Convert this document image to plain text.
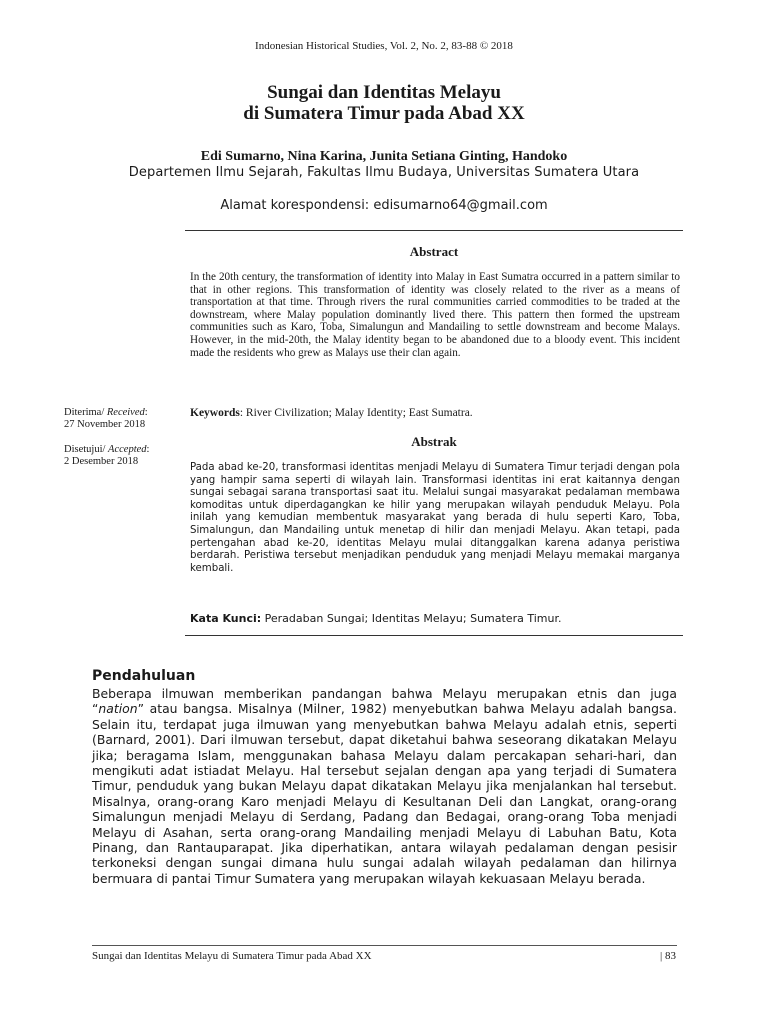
Indonesian Historical Studies, Vol. 2, No. 2, 83-88 © 2018
Sungai dan Identitas Melayu
di Sumatera Timur pada Abad XX
Edi Sumarno, Nina Karina, Junita Setiana Ginting, Handoko
Departemen Ilmu Sejarah, Fakultas Ilmu Budaya, Universitas Sumatera Utara
Alamat korespondensi: edisumarno64@gmail.com
Abstract
In the 20th century, the transformation of identity into Malay in East Sumatra occurred in a pattern similar to that in other regions. This transformation of identity was closely related to the river as a means of transportation at that time. Through rivers the rural communities carried commodities to be traded at the downstream, where Malay population dominantly lived there. This pattern then formed the upstream communities such as Karo, Toba, Simalungun and Mandailing to settle downstream and become Malays. However, in the mid-20th, the Malay identity began to be abandoned due to a bloody event. This incident made the residents who grew as Malays use their clan again.
Keywords: River Civilization; Malay Identity; East Sumatra.
Diterima/ Received:
27 November 2018
Disetujui/ Accepted:
2 Desember 2018
Abstrak
Pada abad ke-20, transformasi identitas menjadi Melayu di Sumatera Timur terjadi dengan pola yang hampir sama seperti di wilayah lain. Transformasi identitas ini erat kaitannya dengan sungai sebagai sarana transportasi saat itu. Melalui sungai masyarakat pedalaman membawa komoditas untuk diperdagangkan ke hilir yang merupakan wilayah penduduk Melayu. Pola inilah yang kemudian membentuk masyarakat yang berada di hulu seperti Karo, Toba, Simalungun, dan Mandailing untuk menetap di hilir dan menjadi Melayu. Akan tetapi, pada pertengahan abad ke-20, identitas Melayu mulai ditanggalkan karena adanya peristiwa berdarah. Peristiwa tersebut menjadikan penduduk yang menjadi Melayu memakai marganya kembali.
Kata Kunci: Peradaban Sungai; Identitas Melayu; Sumatera Timur.
Pendahuluan
Beberapa ilmuwan memberikan pandangan bahwa Melayu merupakan etnis dan juga “nation” atau bangsa. Misalnya (Milner, 1982) menyebutkan bahwa Melayu adalah bangsa. Selain itu, terdapat juga ilmuwan yang menyebutkan bahwa Melayu adalah etnis, seperti (Barnard, 2001). Dari ilmuwan tersebut, dapat diketahui bahwa seseorang dikatakan Melayu jika; beragama Islam, menggunakan bahasa Melayu dalam percakapan sehari-hari, dan mengikuti adat istiadat Melayu. Hal tersebut sejalan dengan apa yang terjadi di Sumatera Timur, penduduk yang bukan Melayu dapat dikatakan Melayu jika menjalankan hal tersebut. Misalnya, orang-orang Karo menjadi Melayu di Kesultanan Deli dan Langkat, orang-orang Simalungun menjadi Melayu di Serdang, Padang dan Bedagai, orang-orang Toba menjadi Melayu di Asahan, serta orang-orang Mandailing menjadi Melayu di Labuhan Batu, Kota Pinang, dan Rantauparapat. Jika diperhatikan, antara wilayah pedalaman dengan pesisir terkoneksi dengan sungai dimana hulu sungai adalah wilayah pedalaman dan hilirnya bermuara di pantai Timur Sumatera yang merupakan wilayah kekuasaan Melayu berada.
Sungai dan Identitas Melayu di Sumatera Timur pada Abad XX	| 83
